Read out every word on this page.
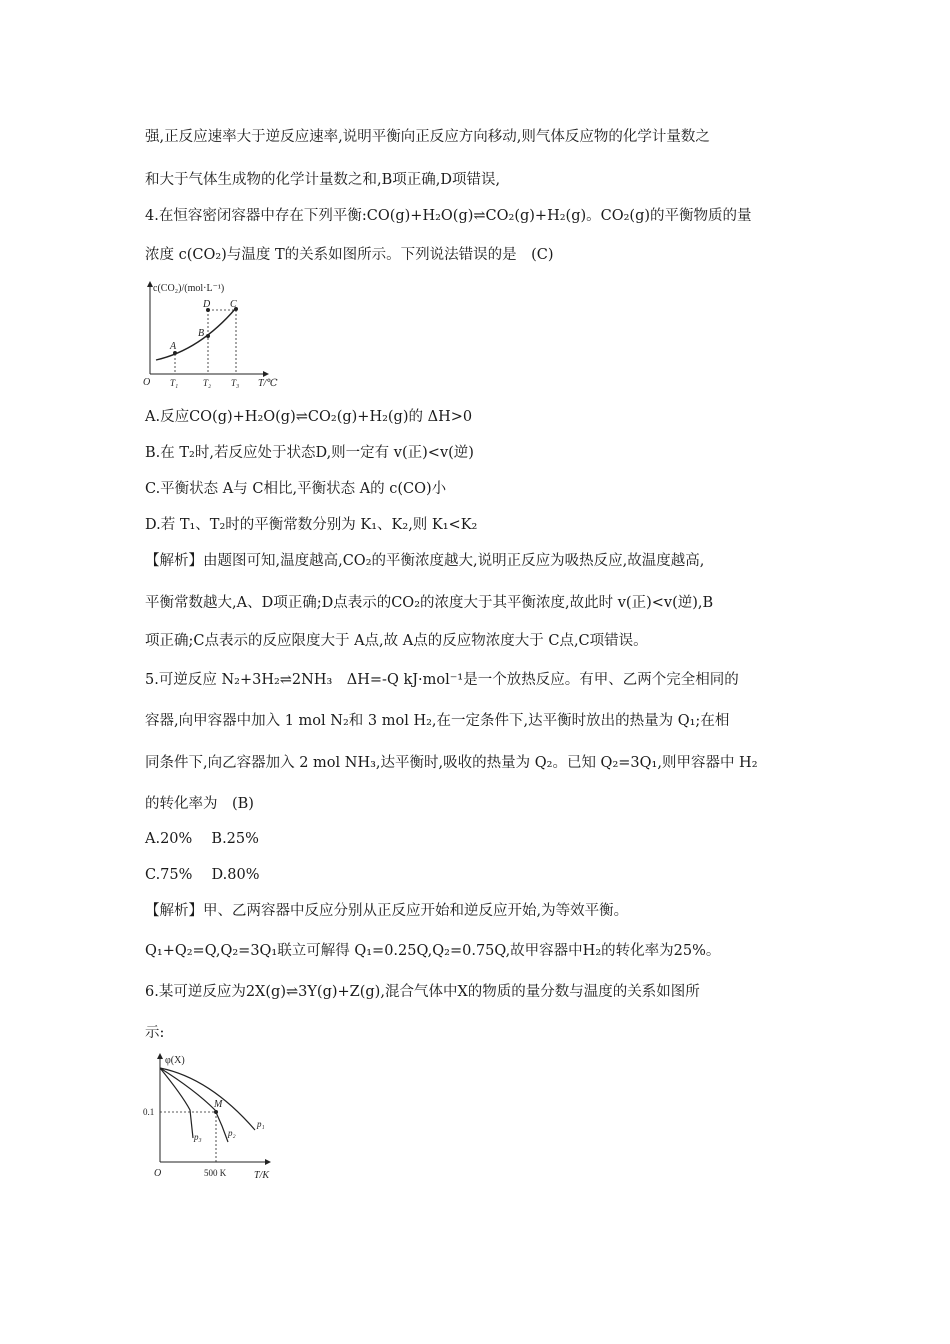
强,正反应速率大于逆反应速率,说明平衡向正反应方向移动,则气体反应物的化学计量数之
和大于气体生成物的化学计量数之和,B项正确,D项错误,
4.在恒容密闭容器中存在下列平衡:CO(g)+H₂O(g)⇌CO₂(g)+H₂(g)。CO₂(g)的平衡物质的量
浓度 c(CO₂)与温度 T的关系如图所示。下列说法错误的是　(C)
c(CO₂)/(mol·L⁻¹)
T/℃
O T₁	T₂ T₃
A
B
C
D
A.反应CO(g)+H₂O(g)⇌CO₂(g)+H₂(g)的 ΔH>0
B.在 T₂时,若反应处于状态D,则一定有 v(正)<v(逆)
C.平衡状态 A与 C相比,平衡状态 A的 c(CO)小
D.若 T₁、T₂时的平衡常数分别为 K₁、K₂,则 K₁<K₂
【解析】由题图可知,温度越高,CO₂的平衡浓度越大,说明正反应为吸热反应,故温度越高,
平衡常数越大,A、D项正确;D点表示的CO₂的浓度大于其平衡浓度,故此时 v(正)<v(逆),B
项正确;C点表示的反应限度大于 A点,故 A点的反应物浓度大于 C点,C项错误。
5.可逆反应 N₂+3H₂⇌2NH₃　ΔH=-Q kJ·mol⁻¹是一个放热反应。有甲、乙两个完全相同的
容器,向甲容器中加入 1 mol N₂和 3 mol H₂,在一定条件下,达平衡时放出的热量为 Q₁;在相
同条件下,向乙容器加入 2 mol NH₃,达平衡时,吸收的热量为 Q₂。已知 Q₂=3Q₁,则甲容器中 H₂
的转化率为　(B)
A.20%　 B.25%
C.75%　 D.80%
【解析】甲、乙两容器中反应分别从正反应开始和逆反应开始,为等效平衡。
Q₁+Q₂=Q,Q₂=3Q₁联立可解得 Q₁=0.25Q,Q₂=0.75Q,故甲容器中H₂的转化率为25%。
6.某可逆反应为2X(g)⇌3Y(g)+Z(g),混合气体中X的物质的量分数与温度的关系如图所
示:
φ(X)
T/K
O
0.1
500 K
M
p₁
p₂
p₃
